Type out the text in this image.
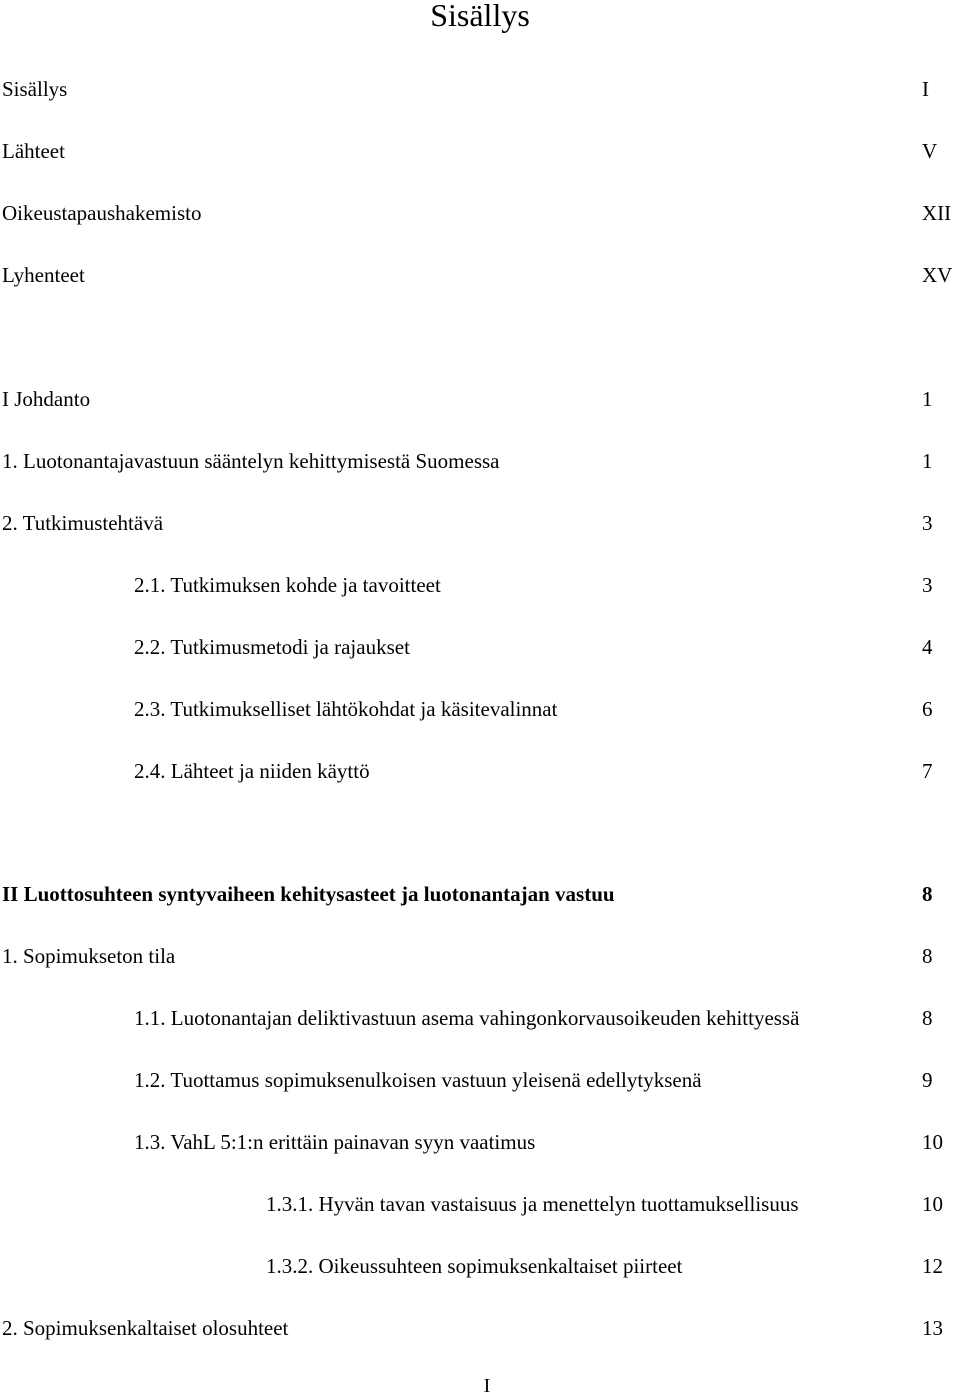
Sisällys
Sisällys	I
Lähteet	V
Oikeustapaushakemisto	XII
Lyhenteet	XV
I Johdanto	1
1. Luotonantajavastuun sääntelyn kehittymisestä Suomessa	1
2. Tutkimustehtävä	3
2.1. Tutkimuksen kohde ja tavoitteet	3
2.2. Tutkimusmetodi ja rajaukset	4
2.3. Tutkimukselliset lähtökohdat ja käsitevalinnat	6
2.4. Lähteet ja niiden käyttö	7
II Luottosuhteen syntyvaiheen kehitysasteet ja luotonantajan vastuu	8
1. Sopimukseton tila	8
1.1. Luotonantajan deliktivastuun asema vahingonkorvausoikeuden kehittyessä	8
1.2. Tuottamus sopimuksenulkoisen vastuun yleisenä edellytyksenä	9
1.3. VahL 5:1:n erittäin painavan syyn vaatimus	10
1.3.1. Hyvän tavan vastaisuus ja menettelyn tuottamuksellisuus	10
1.3.2. Oikeussuhteen sopimuksenkaltaiset piirteet	12
2. Sopimuksenkaltaiset olosuhteet	13
I
